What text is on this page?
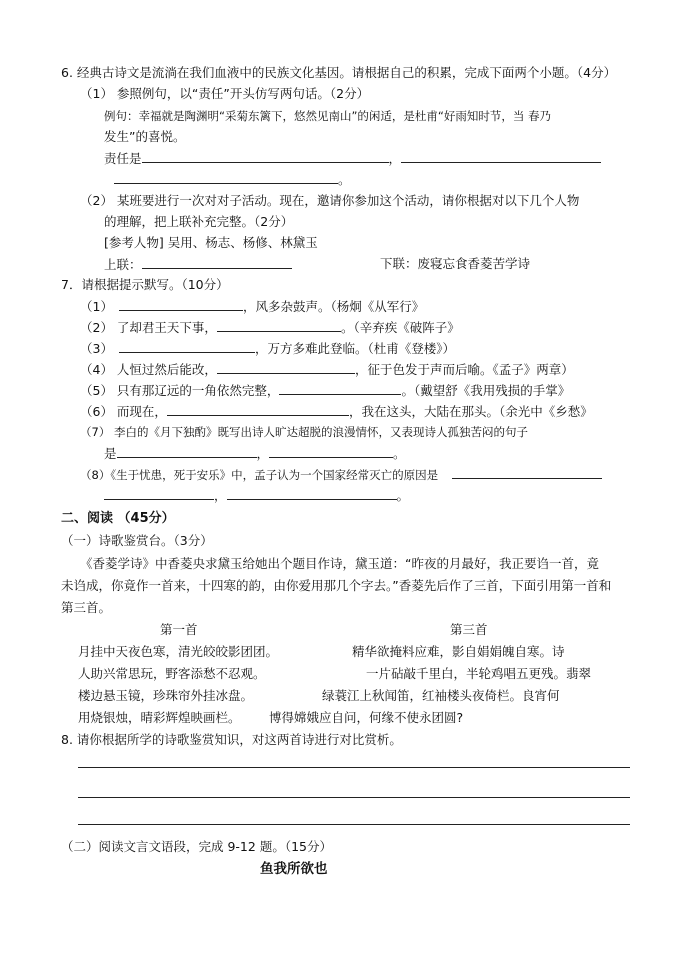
6. 经典古诗文是流淌在我们血液中的民族文化基因。请根据自己的积累，完成下面两个小题。（4分）
（1） 参照例句，以“责任”开头仿写两句话。（2分）
例句：幸福就是陶渊明“采菊东篱下，悠然见南山”的闲适，是杜甫“好雨知时节，当 春乃
发生”的喜悦。
责任是	，
。
（2） 某班要进行一次对对子活动。现在，邀请你参加这个活动，请你根据对以下几个人物
的理解，把上联补充完整。（2分）
[参考人物] 吴用、杨志、杨修、林黛玉
上联：	下联：废寝忘食香菱苦学诗
7．请根据提示默写。（10分）
（1）	，风多杂鼓声。（杨炯《从军行》
（2） 了却君王天下事，	。（辛弃疾《破阵子》
（3）	，万方多难此登临。（杜甫《登楼》）
（4） 人恒过然后能改，	，征于色发于声而后喻。《孟子》两章）
（5） 只有那辽远的一角依然完整，	。（戴望舒《我用残损的手掌》
（6） 而现在，	，我在这头，大陆在那头。（余光中《乡愁》
（7） 李白的《月下独酌》既写出诗人旷达超脱的浪漫情怀，又表现诗人孤独苦闷的句子
是	，	。
（8）《生于忧患，死于安乐》中，孟子认为一个国家经常灭亡的原因是
，	。
二、阅读 （45分）
（一）诗歌鉴赏台。（3分）
《香菱学诗》中香菱央求黛玉给她出个题目作诗，黛玉道：“昨夜的月最好，我正要诌一首，竟
未诌成，你竟作一首来，十四寒的韵，由你爱用那几个字去。”香菱先后作了三首，下面引用第一首和
第三首。
第一首	第三首
月挂中天夜色寒，清光皎皎影团团。
人助兴常思玩，野客添愁不忍观。
楼边悬玉镜，珍珠帘外挂冰盘。
用烧银烛，晴彩辉煌映画栏。
精华欲掩料应难，影自娟娟魄自寒。诗
一片砧敲千里白，半轮鸡唱五更残。翡翠
绿蓑江上秋闻笛，红袖楼头夜倚栏。良宵何
博得嫦娥应自问，何缘不使永团圆?
8. 请你根据所学的诗歌鉴赏知识，对这两首诗进行对比赏析。
（二）阅读文言文语段，完成 9-12 题。（15分）
鱼我所欲也
